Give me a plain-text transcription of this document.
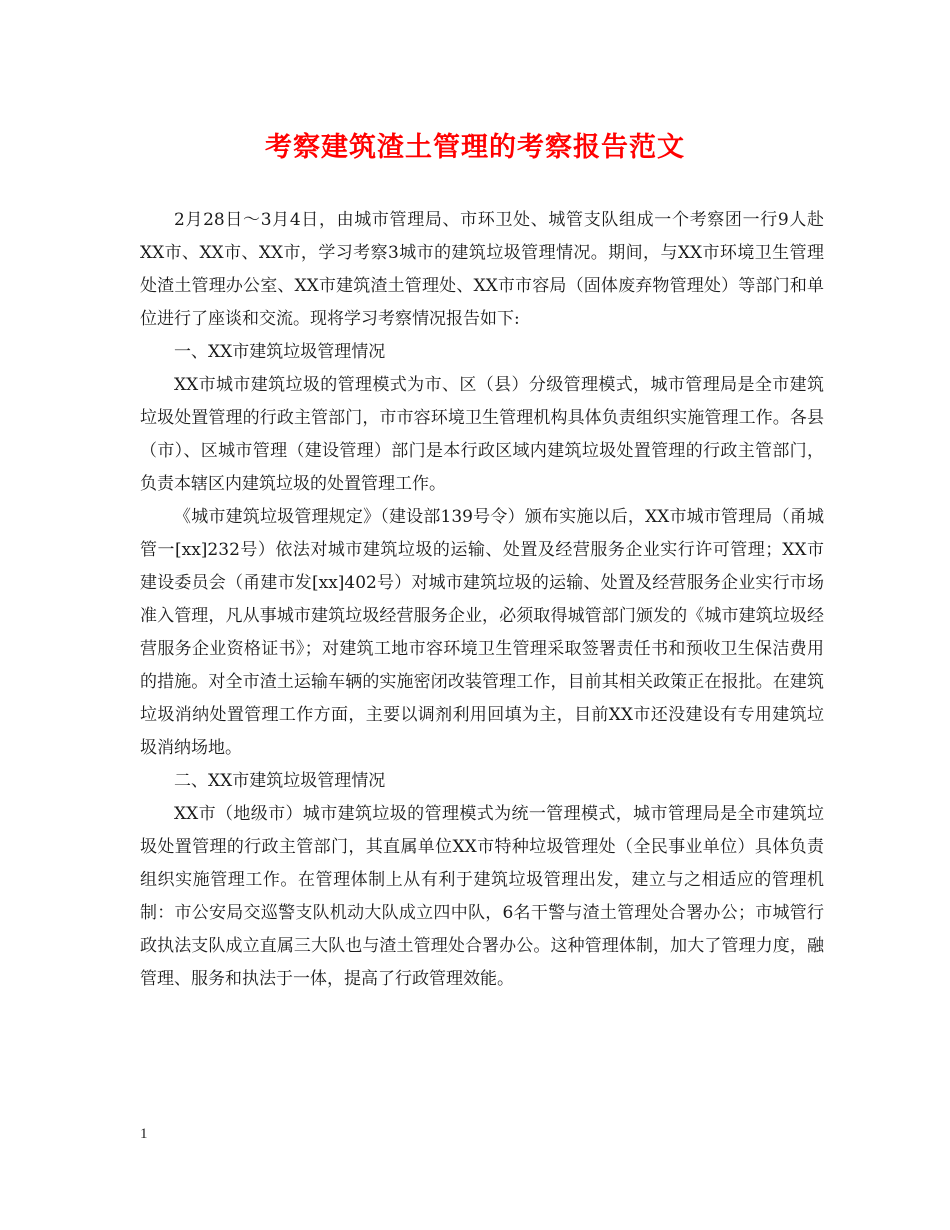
考察建筑渣土管理的考察报告范文

2月28日～3月4日，由城市管理局、市环卫处、城管支队组成一个考察团一行9人赴XX市、XX市、XX市，学习考察3城市的建筑垃圾管理情况。期间，与XX市环境卫生管理处渣土管理办公室、XX市建筑渣土管理处、XX市市容局（固体废弃物管理处）等部门和单位进行了座谈和交流。现将学习考察情况报告如下:

一、XX市建筑垃圾管理情况

XX市城市建筑垃圾的管理模式为市、区（县）分级管理模式，城市管理局是全市建筑垃圾处置管理的行政主管部门，市市容环境卫生管理机构具体负责组织实施管理工作。各县（市）、区城市管理（建设管理）部门是本行政区域内建筑垃圾处置管理的行政主管部门，负责本辖区内建筑垃圾的处置管理工作。

《城市建筑垃圾管理规定》（建设部139号令）颁布实施以后，XX市城市管理局（甬城管一[xx]232号）依法对城市建筑垃圾的运输、处置及经营服务企业实行许可管理；XX市建设委员会（甬建市发[xx]402号）对城市建筑垃圾的运输、处置及经营服务企业实行市场准入管理，凡从事城市建筑垃圾经营服务企业，必须取得城管部门颁发的《城市建筑垃圾经营服务企业资格证书》；对建筑工地市容环境卫生管理采取签署责任书和预收卫生保洁费用的措施。对全市渣土运输车辆的实施密闭改装管理工作，目前其相关政策正在报批。在建筑垃圾消纳处置管理工作方面，主要以调剂利用回填为主，目前XX市还没建设有专用建筑垃圾消纳场地。

二、XX市建筑垃圾管理情况

XX市（地级市）城市建筑垃圾的管理模式为统一管理模式，城市管理局是全市建筑垃圾处置管理的行政主管部门，其直属单位XX市特种垃圾管理处（全民事业单位）具体负责组织实施管理工作。在管理体制上从有利于建筑垃圾管理出发，建立与之相适应的管理机制：市公安局交巡警支队机动大队成立四中队，6名干警与渣土管理处合署办公；市城管行政执法支队成立直属三大队也与渣土管理处合署办公。这种管理体制，加大了管理力度，融管理、服务和执法于一体，提高了行政管理效能。

1
